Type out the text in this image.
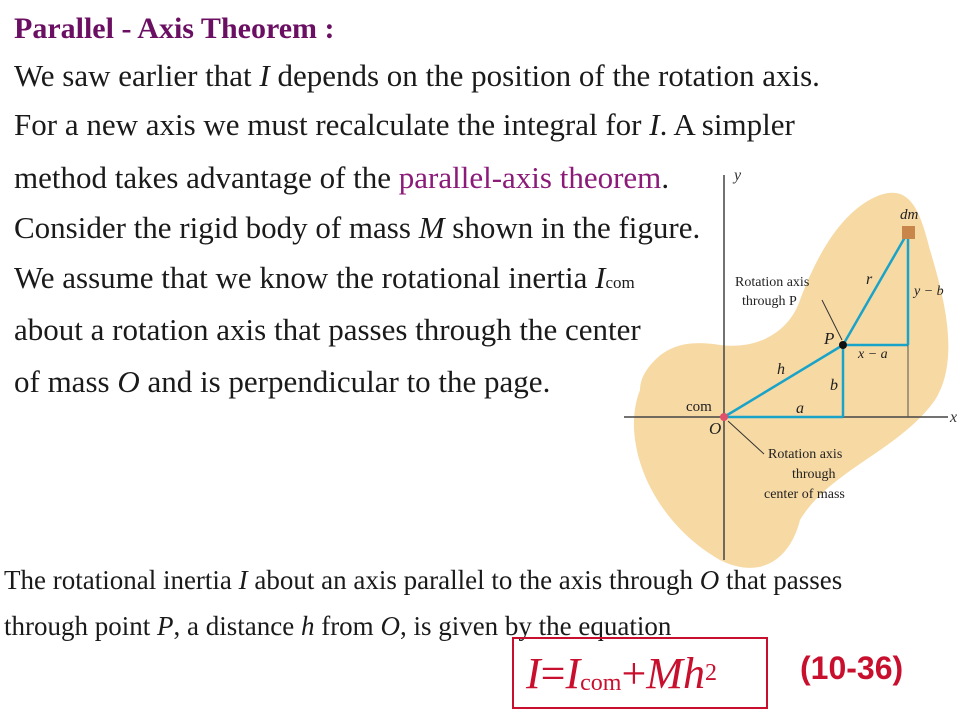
y
x
dm
P
com
O
r
h
a
b
x − a
y − b
Rotation axis
through P
Rotation axis
through
center of mass
Parallel - Axis Theorem :
We saw earlier that I depends on the position of the rotation axis.
For a new axis we must recalculate the integral for I. A simpler
method takes advantage of the parallel-axis theorem.
Consider the rigid body of mass M shown in the figure.
We assume that we know the rotational inertia Icom
about a rotation axis that passes through the center
of mass O and is perpendicular to the page.
The rotational inertia I about an axis parallel to the axis through O that passes
through point P, a distance h from O, is given by the equation
I = I com + Mh 2	(10-36)
